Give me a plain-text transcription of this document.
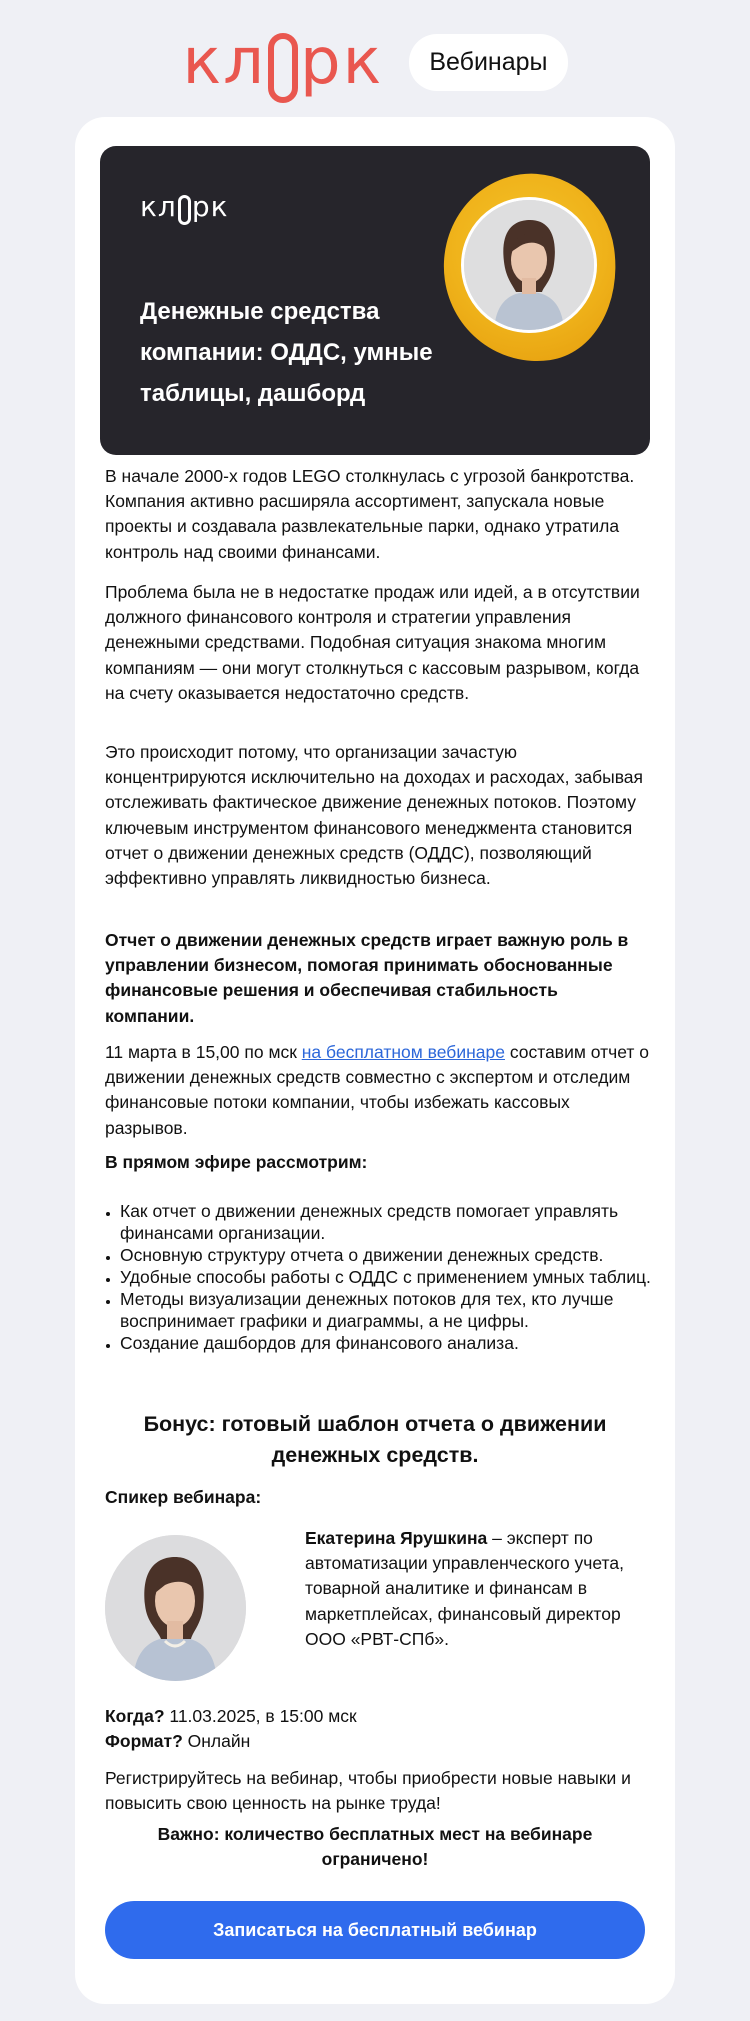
кл рк	Вебинары
кл рк
Денежные средства компании: ОДДС, умные таблицы, дашборд

В начале 2000-х годов LEGO столкнулась с угрозой банкротства. Компания активно расширяла ассортимент, запускала новые проекты и создавала развлекательные парки, однако утратила контроль над своими финансами.

Проблема была не в недостатке продаж или идей, а в отсутствии должного финансового контроля и стратегии управления денежными средствами. Подобная ситуация знакома многим компаниям — они могут столкнуться с кассовым разрывом, когда на счету оказывается недостаточно средств.

Это происходит потому, что организации зачастую концентрируются исключительно на доходах и расходах, забывая отслеживать фактическое движение денежных потоков. Поэтому ключевым инструментом финансового менеджмента становится отчет о движении денежных средств (ОДДС), позволяющий эффективно управлять ликвидностью бизнеса.

Отчет о движении денежных средств играет важную роль в управлении бизнесом, помогая принимать обоснованные финансовые решения и обеспечивая стабильность компании.

11 марта в 15,00 по мск на бесплатном вебинаре составим отчет о движении денежных средств совместно с экспертом и отследим финансовые потоки компании, чтобы избежать кассовых разрывов.

В прямом эфире рассмотрим:
Как отчет о движении денежных средств помогает управлять финансами организации.
Основную структуру отчета о движении денежных средств.
Удобные способы работы с ОДДС с применением умных таблиц.
Методы визуализации денежных потоков для тех, кто лучше воспринимает графики и диаграммы, а не цифры.
Создание дашбордов для финансового анализа.
Бонус: готовый шаблон отчета о движении денежных средств.
Спикер вебинара:
Екатерина Ярушкина – эксперт по автоматизации управленческого учета, товарной аналитике и финансам в маркетплейсах, финансовый директор ООО «РВТ-СПб».
Когда? 11.03.2025, в 15:00 мск
Формат? Онлайн
Регистрируйтесь на вебинар, чтобы приобрести новые навыки и повысить свою ценность на рынке труда!
Важно: количество бесплатных мест на вебинаре ограничено!
Записаться на бесплатный вебинар
